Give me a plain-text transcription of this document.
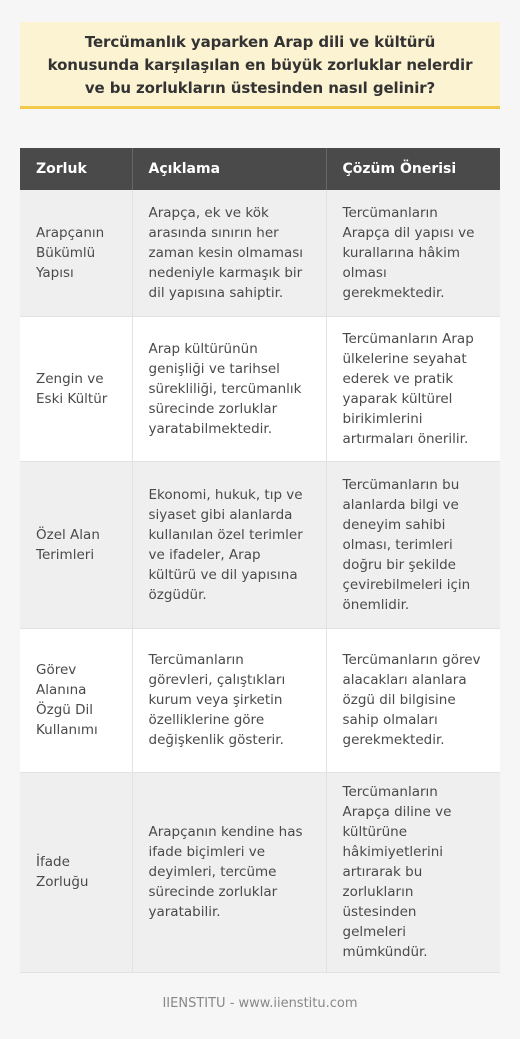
Tercümanlık yaparken Arap dili ve kültürü konusunda karşılaşılan en büyük zorluklar nelerdir ve bu zorlukların üstesinden nasıl gelinir?
Zorluk	Açıklama	Çözüm Önerisi
Arapçanın Bükümlü Yapısı	Arapça, ek ve kök arasında sınırın her zaman kesin olmaması nedeniyle karmaşık bir dil yapısına sahiptir.	Tercümanların Arapça dil yapısı ve kurallarına hâkim olması gerekmektedir.
Zengin ve Eski Kültür	Arap kültürünün genişliği ve tarihsel sürekliliği, tercümanlık sürecinde zorluklar yaratabilmektedir.	Tercümanların Arap ülkelerine seyahat ederek ve pratik yaparak kültürel birikimlerini artırmaları önerilir.
Özel Alan Terimleri	Ekonomi, hukuk, tıp ve siyaset gibi alanlarda kullanılan özel terimler ve ifadeler, Arap kültürü ve dil yapısına özgüdür.	Tercümanların bu alanlarda bilgi ve deneyim sahibi olması, terimleri doğru bir şekilde çevirebilmeleri için önemlidir.
Görev Alanına Özgü Dil Kullanımı	Tercümanların görevleri, çalıştıkları kurum veya şirketin özelliklerine göre değişkenlik gösterir.	Tercümanların görev alacakları alanlara özgü dil bilgisine sahip olmaları gerekmektedir.
İfade Zorluğu	Arapçanın kendine has ifade biçimleri ve deyimleri, tercüme sürecinde zorluklar yaratabilir.	Tercümanların Arapça diline ve kültürüne hâkimiyetlerini artırarak bu zorlukların üstesinden gelmeleri mümkündür.
IIENSTITU - www.iienstitu.com
